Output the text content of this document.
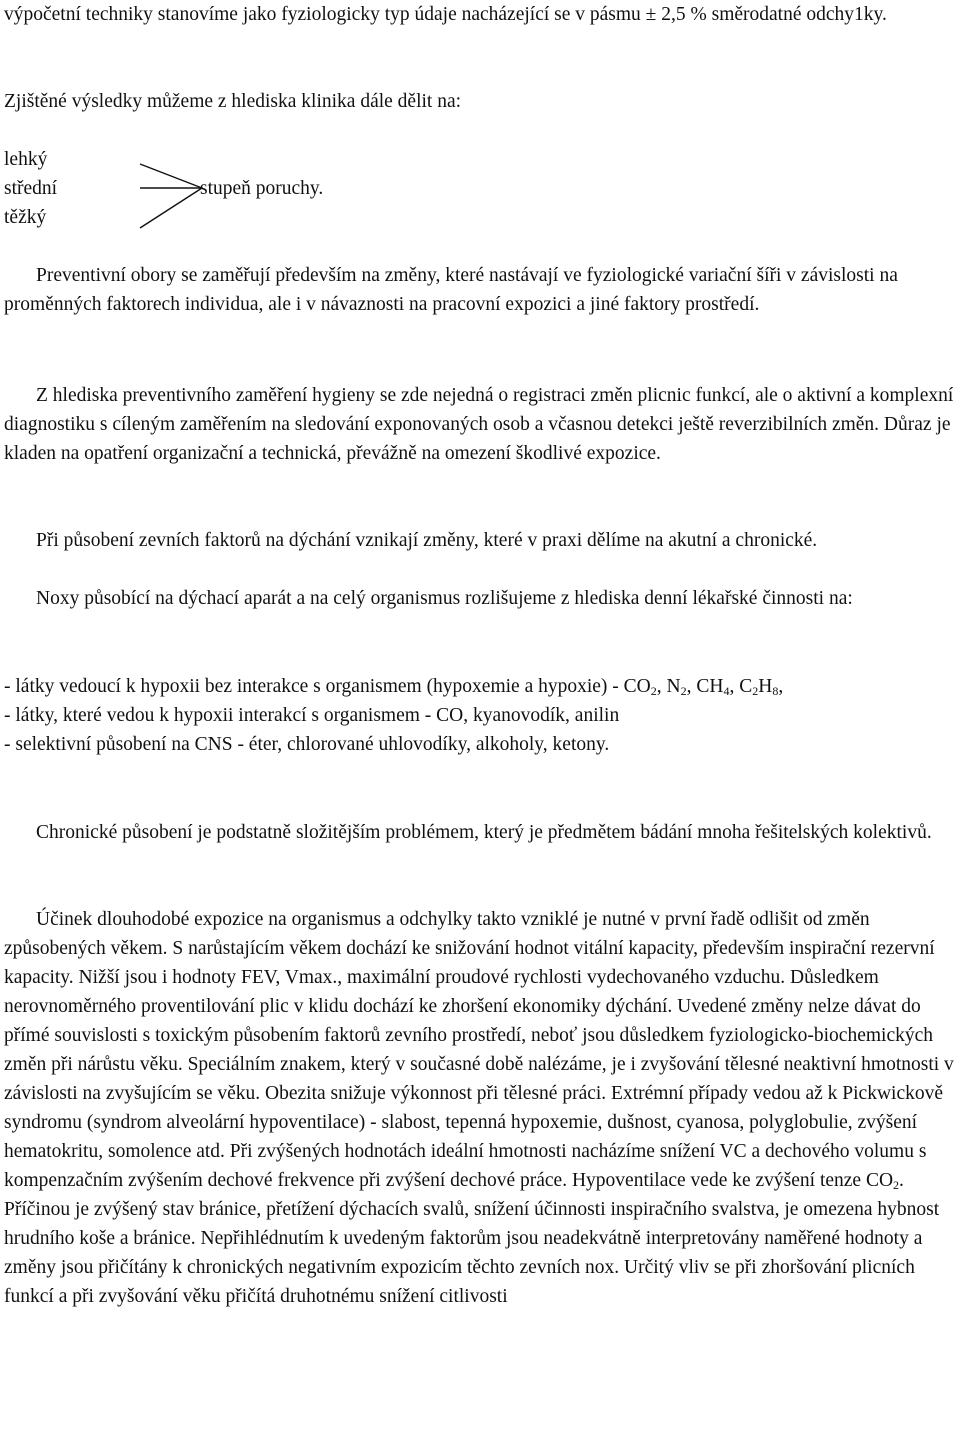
výpočetní techniky stanovíme jako fyziologicky typ údaje nacházející se v pásmu ± 2,5 % směrodatné odchy1ky.

Zjištěné výsledky můžeme z hlediska klinika dále dělit na:

lehký
střední
těžký
stupeň poruchy.

Preventivní obory se zaměřují především na změny, které nastávají ve fyziologické variační šíři v závislosti na proměnných faktorech individua, ale i v návaznosti na pracovní expozici a jiné faktory prostředí.

Z hlediska preventivního zaměření hygieny se zde nejedná o registraci změn plicnic funkcí, ale o aktivní a komplexní diagnostiku s cíleným zaměřením na sledování exponovaných osob a včasnou detekci ještě reverzibilních změn. Důraz je kladen na opatření organizační a technická, převážně na omezení škodlivé expozice.

Při působení zevních faktorů na dýchání vznikají změny, které v praxi dělíme na akutní a chronické.

Noxy působící na dýchací aparát a na celý organismus rozlišujeme z hlediska denní lékařské činnosti na:

- látky vedoucí k hypoxii bez interakce s organismem (hypoxemie a hypoxie) - $CO_2$, $N_2$, $CH_4$, $C_2H_8$,
- látky, které vedou k hypoxii interakcí s organismem - CO, kyanovodík, anilin
- selektivní působení na CNS - éter, chlorované uhlovodíky, alkoholy, ketony.

Chronické působení je podstatně složitějším problémem, který je předmětem bádání mnoha řešitelských kolektivů.

Účinek dlouhodobé expozice na organismus a odchylky takto vzniklé je nutné v první řadě odlišit od změn způsobených věkem. S narůstajícím věkem dochází ke snižování hodnot vitální kapacity, především inspirační rezervní kapacity. Nižší jsou i hodnoty FEV, Vmax., maximální proudové rychlosti vydechovaného vzduchu. Důsledkem nerovnoměrného proventilování plic v klidu dochází ke zhoršení ekonomiky dýchání. Uvedené změny nelze dávat do přímé souvislosti s toxickým působením faktorů zevního prostředí, neboť jsou důsledkem fyziologicko-biochemických změn při nárůstu věku. Speciálním znakem, který v současné době nalézáme, je i zvyšování tělesné neaktivní hmotnosti v závislosti na zvyšujícím se věku. Obezita snižuje výkonnost při tělesné práci. Extrémní případy vedou až k Pickwickově syndromu (syndrom alveolární hypoventilace) - slabost, tepenná hypoxemie, dušnost, cyanosa, polyglobulie, zvýšení hematokritu, somolence atd. Při zvýšených hodnotách ideální hmotnosti nacházíme snížení VC a dechového volumu s kompenzačním zvýšením dechové frekvence při zvýšení dechové práce. Hypoventilace vede ke zvýšení tenze $CO_2$. Příčinou je zvýšený stav bránice, přetížení dýchacích svalů, snížení účinnosti inspiračního svalstva, je omezena hybnost hrudního koše a bránice. Nepřihlédnutím k uvedeným faktorům jsou neadekvátně interpretovány naměřené hodnoty a změny jsou přičítány k chronických negativním expozicím těchto zevních nox. Určitý vliv se při zhoršování plicních funkcí a při zvyšování věku přičítá druhotnému snížení citlivosti
